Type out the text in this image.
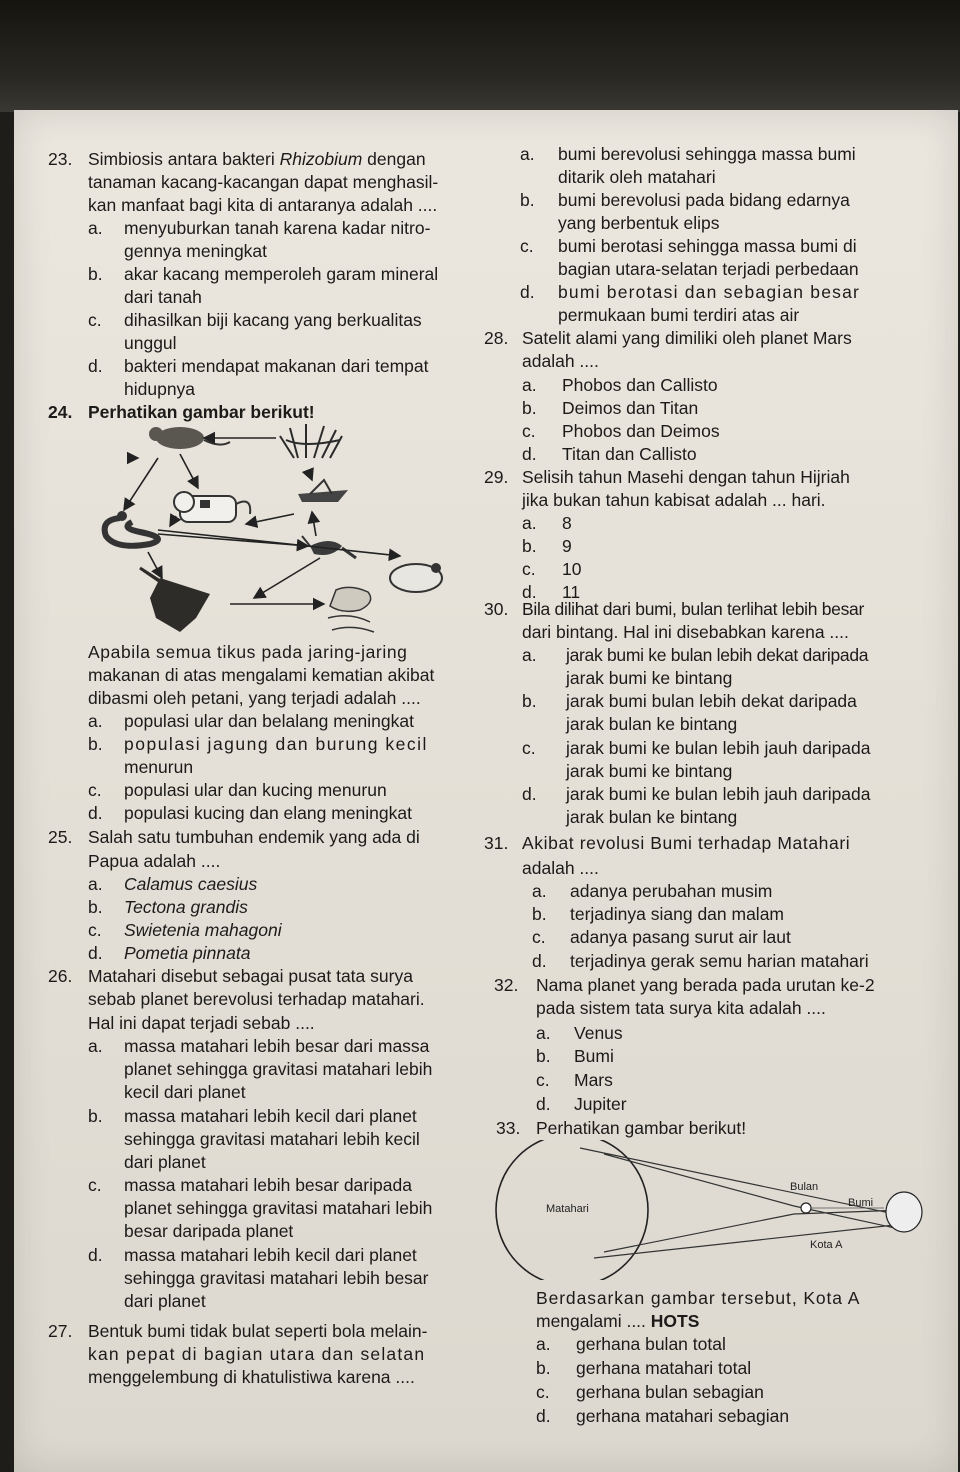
23. Simbiosis antara bakteri Rhizobium dengan
tanaman kacang-kacangan dapat menghasil-
kan manfaat bagi kita di antaranya adalah ....
a. menyuburkan tanah karena kadar nitro-
gennya meningkat
b. akar kacang memperoleh garam mineral
dari tanah
c. dihasilkan biji kacang yang berkualitas
unggul
d. bakteri mendapat makanan dari tempat
hidupnya
24. Perhatikan gambar berikut!
Apabila semua tikus pada jaring-jaring
makanan di atas mengalami kematian akibat
dibasmi oleh petani, yang terjadi adalah ....
a. populasi ular dan belalang meningkat
b. populasi jagung dan burung kecil
menurun
c. populasi ular dan kucing menurun
d. populasi kucing dan elang meningkat
25. Salah satu tumbuhan endemik yang ada di
Papua adalah ....
a. Calamus caesius
b. Tectona grandis
c. Swietenia mahagoni
d. Pometia pinnata
26. Matahari disebut sebagai pusat tata surya
sebab planet berevolusi terhadap matahari.
Hal ini dapat terjadi sebab ....
a. massa matahari lebih besar dari massa
planet sehingga gravitasi matahari lebih
kecil dari planet
b. massa matahari lebih kecil dari planet
sehingga gravitasi matahari lebih kecil
dari planet
c. massa matahari lebih besar daripada
planet sehingga gravitasi matahari lebih
besar daripada planet
d. massa matahari lebih kecil dari planet
sehingga gravitasi matahari lebih besar
dari planet
27. Bentuk bumi tidak bulat seperti bola melain-
kan pepat di bagian utara dan selatan
menggelembung di khatulistiwa karena ....
a. bumi berevolusi sehingga massa bumi
ditarik oleh matahari
b. bumi berevolusi pada bidang edarnya
yang berbentuk elips
c. bumi berotasi sehingga massa bumi di
bagian utara-selatan terjadi perbedaan
d. bumi berotasi dan sebagian besar
permukaan bumi terdiri atas air
28. Satelit alami yang dimiliki oleh planet Mars
adalah ....
a. Phobos dan Callisto
b. Deimos dan Titan
c. Phobos dan Deimos
d. Titan dan Callisto
29. Selisih tahun Masehi dengan tahun Hijriah
jika bukan tahun kabisat adalah ... hari.
a. 8
b. 9
c. 10
d. 11
30. Bila dilihat dari bumi, bulan terlihat lebih besar
dari bintang. Hal ini disebabkan karena ....
a. jarak bumi ke bulan lebih dekat daripada
jarak bumi ke bintang
b. jarak bumi bulan lebih dekat daripada
jarak bulan ke bintang
c. jarak bumi ke bulan lebih jauh daripada
jarak bumi ke bintang
d. jarak bumi ke bulan lebih jauh daripada
jarak bulan ke bintang
31. Akibat revolusi Bumi terhadap Matahari
adalah ....
a. adanya perubahan musim
b. terjadinya siang dan malam
c. adanya pasang surut air laut
d. terjadinya gerak semu harian matahari
32. Nama planet yang berada pada urutan ke-2
pada sistem tata surya kita adalah ....
a. Venus
b. Bumi
c. Mars
d. Jupiter
33. Perhatikan gambar berikut!
Matahari
Bulan
Bumi
Kota A
Berdasarkan gambar tersebut, Kota A
mengalami .... HOTS
a. gerhana bulan total
b. gerhana matahari total
c. gerhana bulan sebagian
d. gerhana matahari sebagian
